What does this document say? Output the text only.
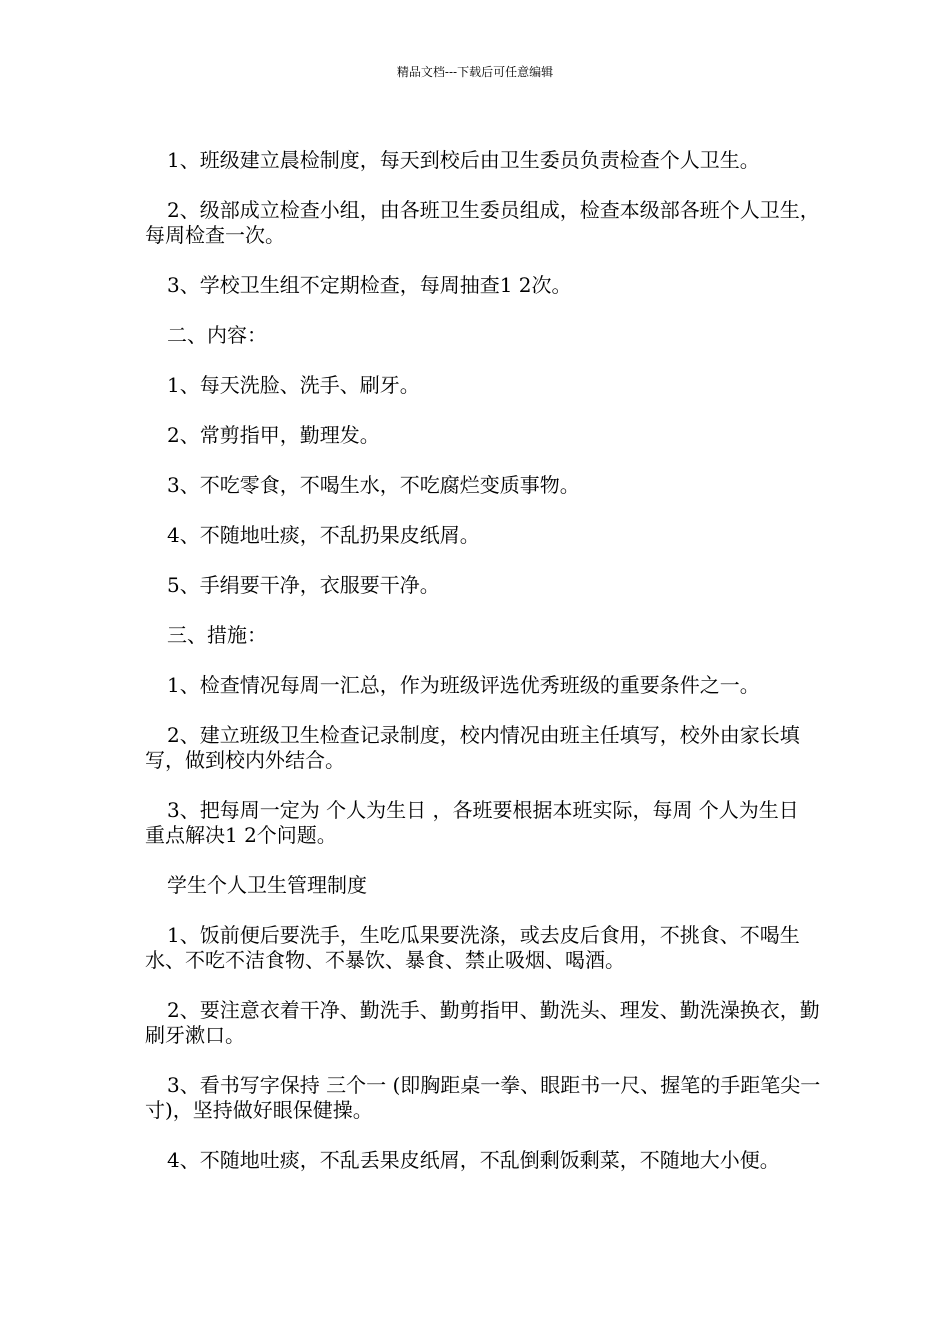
精品文档---下载后可任意编辑

1、班级建立晨检制度，每天到校后由卫生委员负责检查个人卫生。

2、级部成立检查小组，由各班卫生委员组成，检查本级部各班个人卫生，每周检查一次。

3、学校卫生组不定期检查，每周抽查1 2次。

二、内容：

1、每天洗脸、洗手、刷牙。

2、常剪指甲，勤理发。

3、不吃零食，不喝生水，不吃腐烂变质事物。

4、不随地吐痰，不乱扔果皮纸屑。

5、手绢要干净，衣服要干净。

三、措施：

1、检查情况每周一汇总，作为班级评选优秀班级的重要条件之一。

2、建立班级卫生检查记录制度，校内情况由班主任填写，校外由家长填写，做到校内外结合。

3、把每周一定为 个人为生日 ，各班要根据本班实际，每周 个人为生日 重点解决1 2个问题。

学生个人卫生管理制度

1、饭前便后要洗手，生吃瓜果要洗涤，或去皮后食用，不挑食、不喝生水、不吃不洁食物、不暴饮、暴食、禁止吸烟、喝酒。

2、要注意衣着干净、勤洗手、勤剪指甲、勤洗头、理发、勤洗澡换衣，勤刷牙漱口。

3、看书写字保持 三个一 (即胸距桌一拳、眼距书一尺、握笔的手距笔尖一寸)，坚持做好眼保健操。

4、不随地吐痰，不乱丢果皮纸屑，不乱倒剩饭剩菜，不随地大小便。
